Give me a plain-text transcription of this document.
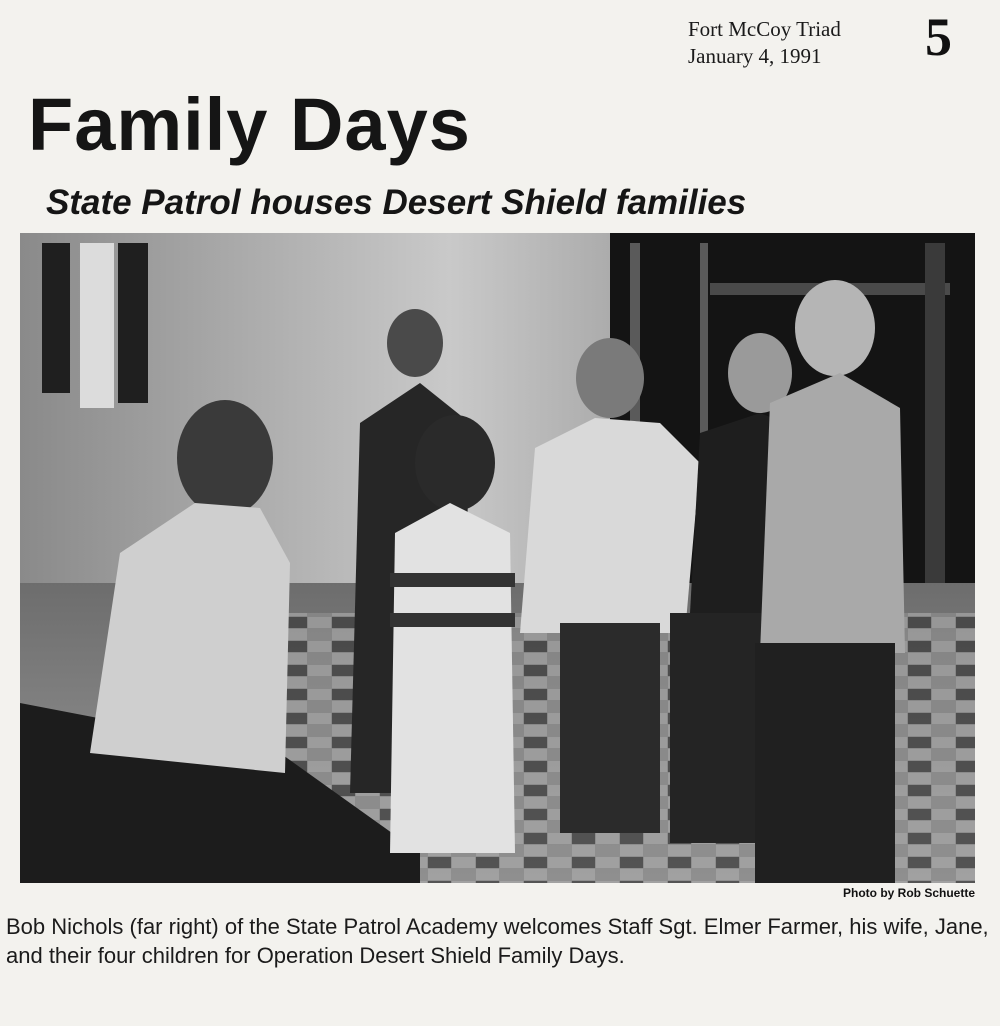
Fort McCoy Triad
January 4, 1991	5
Family Days
State Patrol houses Desert Shield families
Photo by Rob Schuette
Bob Nichols (far right) of the State Patrol Academy welcomes Staff Sgt. Elmer Farmer, his wife, Jane, and their four children for Operation Desert Shield Family Days.
